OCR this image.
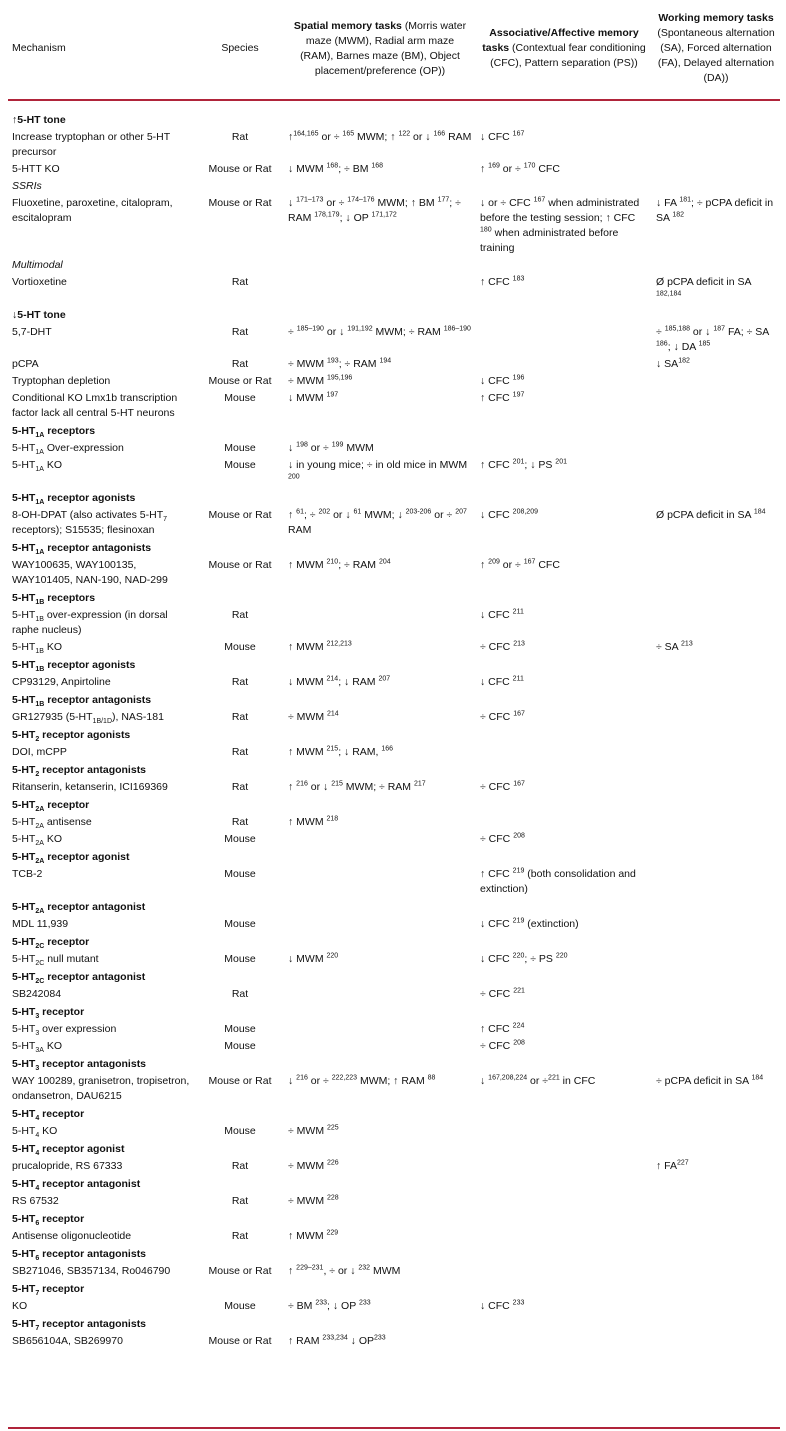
Mechanism	Species	Spatial memory tasks (Morris water maze (MWM), Radial arm maze (RAM), Barnes maze (BM), Object placement/preference (OP))	Associative/Affective memory tasks (Contextual fear conditioning (CFC), Pattern separation (PS))	Working memory tasks (Spontaneous alternation (SA), Forced alternation (FA), Delayed alternation (DA))

↑5-HT tone				
Increase tryptophan or other 5-HT precursor	Rat	↑$^{164,165}$ or ÷ $^{165}$ MWM; ↑ $^{122}$ or ↓ $^{166}$ RAM	↓ CFC $^{167}$	
5-HTT KO	Mouse or Rat	↓ MWM $^{168}$; ÷ BM $^{168}$	↑ $^{169}$ or ÷ $^{170}$ CFC	
SSRIs				
Fluoxetine, paroxetine, citalopram, escitalopram	Mouse or Rat	↓ $^{171-173}$ or ÷ $^{174-176}$ MWM; ↑ BM $^{177}$; ÷ RAM $^{178,179}$; ↓ OP $^{171,172}$	↓ or ÷ CFC $^{167}$ when administrated before the testing session; ↑ CFC $^{180}$ when administrated before training	↓ FA $^{181}$; ÷ pCPA deficit in SA $^{182}$
Multimodal				
Vortioxetine	Rat		↑ CFC $^{183}$	Ø pCPA deficit in SA $^{182,184}$
↓5-HT tone				
5,7-DHT	Rat	÷ $^{185-190}$ or ↓ $^{191,192}$ MWM; ÷ RAM $^{186-190}$		÷ $^{185,188}$ or ↓ $^{187}$ FA; ÷ SA $^{186}$; ↓ DA $^{185}$
pCPA	Rat	÷ MWM $^{193}$; ÷ RAM $^{194}$		↓ SA$^{182}$
Tryptophan depletion	Mouse or Rat	÷ MWM $^{195,196}$	↓ CFC $^{196}$	
Conditional KO Lmx1b transcription factor lack all central 5-HT neurons	Mouse	↓ MWM $^{197}$	↑ CFC $^{197}$	
$5-HT_{1A}$ receptors				
$5-HT_{1A}$ Over-expression	Mouse	↓ $^{198}$ or ÷ $^{199}$ MWM		
$5-HT_{1A}$ KO	Mouse	↓ in young mice; ÷ in old mice in MWM $^{200}$	↑ CFC $^{201}$; ↓ PS $^{201}$	
$5-HT_{1A}$ receptor agonists				
8-OH-DPAT (also activates $5-HT_7$ receptors); S15535; flesinoxan	Mouse or Rat	↑ $^{61}$; ÷ $^{202}$ or ↓ $^{61}$ MWM; ↓ $^{203-206}$ or ÷ $^{207}$ RAM	↓ CFC $^{208,209}$	Ø pCPA deficit in SA $^{184}$
$5-HT_{1A}$ receptor antagonists				
WAY100635, WAY100135, WAY101405, NAN-190, NAD-299	Mouse or Rat	↑ MWM $^{210}$; ÷ RAM $^{204}$	↑ $^{209}$ or ÷ $^{167}$ CFC	
$5-HT_{1B}$ receptors				
$5-HT_{1B}$ over-expression (in dorsal raphe nucleus)	Rat		↓ CFC $^{211}$	
$5-HT_{1B}$ KO	Mouse	↑ MWM $^{212,213}$	÷ CFC $^{213}$	÷ SA $^{213}$
$5-HT_{1B}$ receptor agonists				
CP93129, Anpirtoline	Rat	↓ MWM $^{214}$; ↓ RAM $^{207}$	↓ CFC $^{211}$	
$5-HT_{1B}$ receptor antagonists				
GR127935 $(5-HT_{1B/1D})$, NAS-181	Rat	÷ MWM $^{214}$	÷ CFC $^{167}$	
$5-HT_2$ receptor agonists				
DOI, mCPP	Rat	↑ MWM $^{215}$; ↓ RAM, $^{166}$		
$5-HT_2$ receptor antagonists				
Ritanserin, ketanserin, ICI169369	Rat	↑ $^{216}$ or ↓ $^{215}$ MWM; ÷ RAM $^{217}$	÷ CFC $^{167}$	
$5-HT_{2A}$ receptor				
$5-HT_{2A}$ antisense	Rat	↑ MWM $^{218}$		
$5-HT_{2A}$ KO	Mouse		÷ CFC $^{208}$	
$5-HT_{2A}$ receptor agonist				
TCB-2	Mouse		↑ CFC $^{219}$ (both consolidation and extinction)	
$5-HT_{2A}$ receptor antagonist				
MDL 11,939	Mouse		↓ CFC $^{219}$ (extinction)	
$5-HT_{2C}$ receptor				
$5-HT_{2C}$ null mutant	Mouse	↓ MWM $^{220}$	↓ CFC $^{220}$; ÷ PS $^{220}$	
$5-HT_{2C}$ receptor antagonist				
SB242084	Rat		÷ CFC $^{221}$	
$5-HT_3$ receptor				
$5-HT_3$ over expression	Mouse		↑ CFC $^{224}$	
$5-HT_{3A}$ KO	Mouse		÷ CFC $^{208}$	
$5-HT_3$ receptor antagonists				
WAY 100289, granisetron, tropisetron, ondansetron, DAU6215	Mouse or Rat	↓ $^{216}$ or ÷ $^{222,223}$ MWM; ↑ RAM $^{88}$	↓ $^{167,208,224}$ or ÷$^{221}$ in CFC	÷ pCPA deficit in SA $^{184}$
$5-HT_4$ receptor				
$5-HT_4$ KO	Mouse	÷ MWM $^{225}$		
$5-HT_4$ receptor agonist				
prucalopride, RS 67333	Rat	÷ MWM $^{226}$		↑ FA$^{227}$
$5-HT_4$ receptor antagonist				
RS 67532	Rat	÷ MWM $^{228}$		
$5-HT_6$ receptor				
Antisense oligonucleotide	Rat	↑ MWM $^{229}$		
$5-HT_6$ receptor antagonists				
SB271046, SB357134, Ro046790	Mouse or Rat	↑ $^{229-231}$, ÷ or ↓ $^{232}$ MWM		
$5-HT_7$ receptor				
KO	Mouse	÷ BM $^{233}$; ↓ OP $^{233}$	↓ CFC $^{233}$	
$5-HT_7$ receptor antagonists				
SB656104A, SB269970	Mouse or Rat	↑ RAM $^{233,234}$ ↓ OP$^{233}$		
